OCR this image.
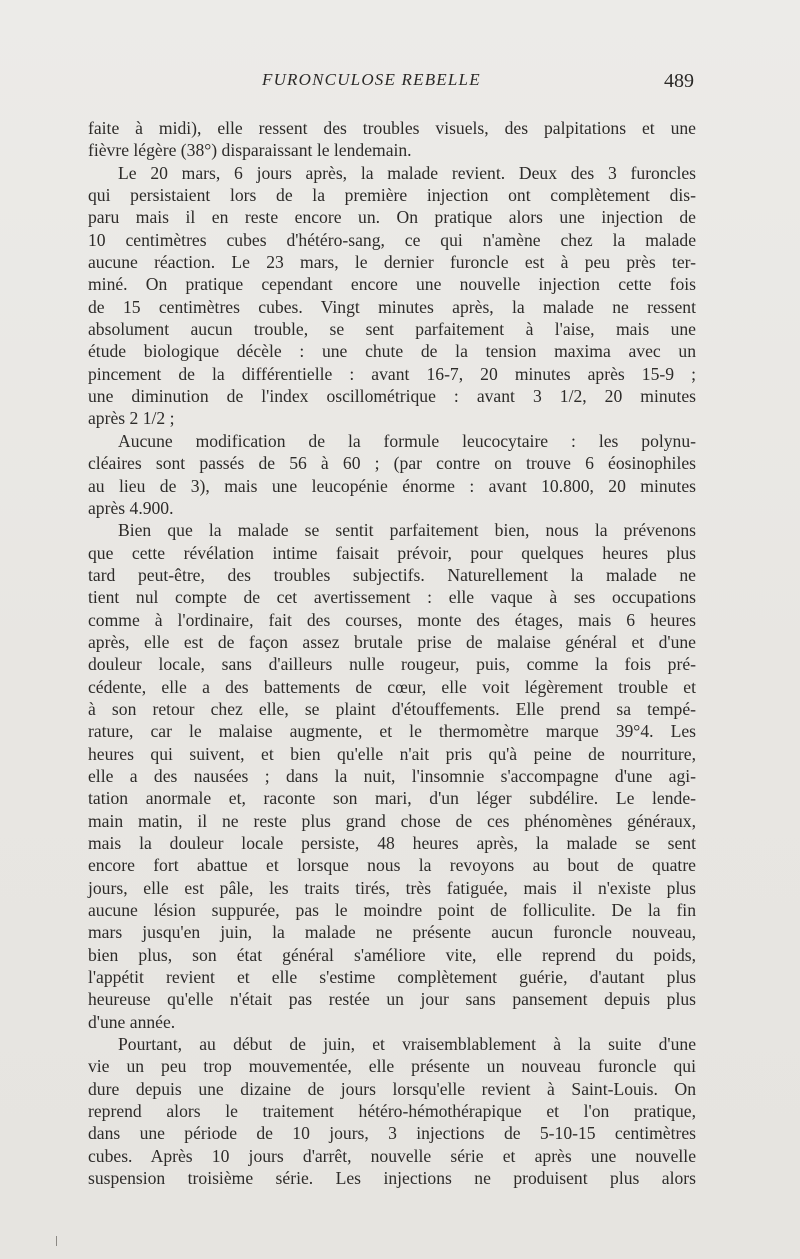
FURONCULOSE REBELLE	489
faite à midi), elle ressent des troubles visuels, des palpitations et une
fièvre légère (38°) disparaissant le lendemain.
Le 20 mars, 6 jours après, la malade revient. Deux des 3 furoncles
qui persistaient lors de la première injection ont complètement dis-
paru mais il en reste encore un. On pratique alors une injection de
10 centimètres cubes d'hétéro-sang, ce qui n'amène chez la malade
aucune réaction. Le 23 mars, le dernier furoncle est à peu près ter-
miné. On pratique cependant encore une nouvelle injection cette fois
de 15 centimètres cubes. Vingt minutes après, la malade ne ressent
absolument aucun trouble, se sent parfaitement à l'aise, mais une
étude biologique décèle : une chute de la tension maxima avec un
pincement de la différentielle : avant 16-7, 20 minutes après 15-9 ;
une diminution de l'index oscillométrique : avant 3 1/2, 20 minutes
après 2 1/2 ;
Aucune modification de la formule leucocytaire : les polynu-
cléaires sont passés de 56 à 60 ; (par contre on trouve 6 éosinophiles
au lieu de 3), mais une leucopénie énorme : avant 10.800, 20 minutes
après 4.900.
Bien que la malade se sentit parfaitement bien, nous la prévenons
que cette révélation intime faisait prévoir, pour quelques heures plus
tard peut-être, des troubles subjectifs. Naturellement la malade ne
tient nul compte de cet avertissement : elle vaque à ses occupations
comme à l'ordinaire, fait des courses, monte des étages, mais 6 heures
après, elle est de façon assez brutale prise de malaise général et d'une
douleur locale, sans d'ailleurs nulle rougeur, puis, comme la fois pré-
cédente, elle a des battements de cœur, elle voit légèrement trouble et
à son retour chez elle, se plaint d'étouffements. Elle prend sa tempé-
rature, car le malaise augmente, et le thermomètre marque 39°4. Les
heures qui suivent, et bien qu'elle n'ait pris qu'à peine de nourriture,
elle a des nausées ; dans la nuit, l'insomnie s'accompagne d'une agi-
tation anormale et, raconte son mari, d'un léger subdélire. Le lende-
main matin, il ne reste plus grand chose de ces phénomènes généraux,
mais la douleur locale persiste, 48 heures après, la malade se sent
encore fort abattue et lorsque nous la revoyons au bout de quatre
jours, elle est pâle, les traits tirés, très fatiguée, mais il n'existe plus
aucune lésion suppurée, pas le moindre point de folliculite. De la fin
mars jusqu'en juin, la malade ne présente aucun furoncle nouveau,
bien plus, son état général s'améliore vite, elle reprend du poids,
l'appétit revient et elle s'estime complètement guérie, d'autant plus
heureuse qu'elle n'était pas restée un jour sans pansement depuis plus
d'une année.
Pourtant, au début de juin, et vraisemblablement à la suite d'une
vie un peu trop mouvementée, elle présente un nouveau furoncle qui
dure depuis une dizaine de jours lorsqu'elle revient à Saint-Louis. On
reprend alors le traitement hétéro-hémothérapique et l'on pratique,
dans une période de 10 jours, 3 injections de 5-10-15 centimètres
cubes. Après 10 jours d'arrêt, nouvelle série et après une nouvelle
suspension troisième série. Les injections ne produisent plus alors
